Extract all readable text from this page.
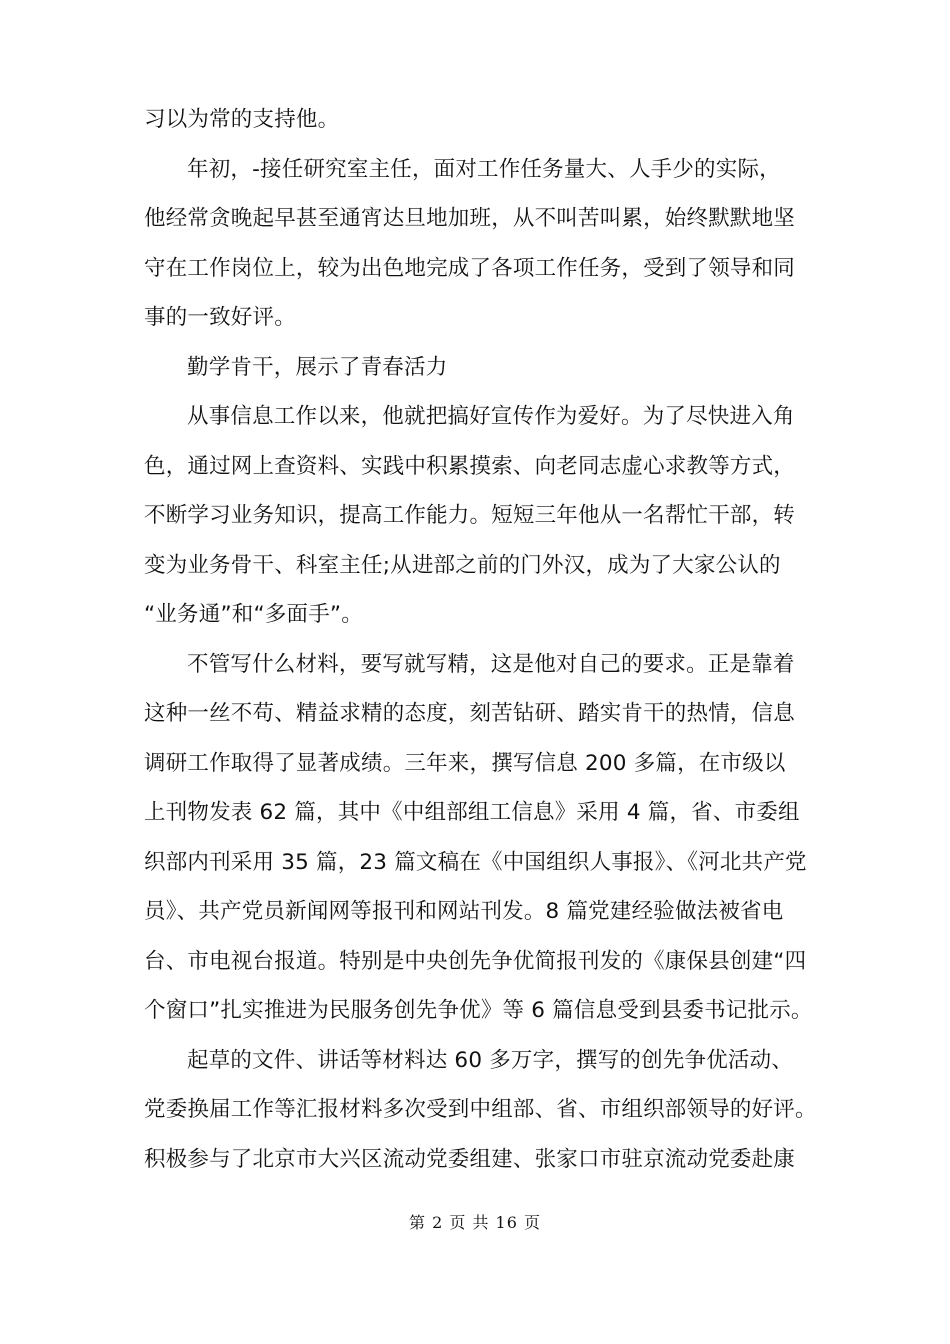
习以为常的支持他。
年初，-接任研究室主任，面对工作任务量大、人手少的实际，
他经常贪晚起早甚至通宵达旦地加班，从不叫苦叫累，始终默默地坚
守在工作岗位上，较为出色地完成了各项工作任务，受到了领导和同
事的一致好评。
勤学肯干，展示了青春活力
从事信息工作以来，他就把搞好宣传作为爱好。为了尽快进入角
色，通过网上查资料、实践中积累摸索、向老同志虚心求教等方式，
不断学习业务知识，提高工作能力。短短三年他从一名帮忙干部，转
变为业务骨干、科室主任;从进部之前的门外汉，成为了大家公认的
“业务通”和“多面手”。
不管写什么材料，要写就写精，这是他对自己的要求。正是靠着
这种一丝不苟、精益求精的态度，刻苦钻研、踏实肯干的热情，信息
调研工作取得了显著成绩。三年来，撰写信息 200 多篇，在市级以
上刊物发表 62 篇，其中《中组部组工信息》采用 4 篇，省、市委组
织部内刊采用 35 篇，23 篇文稿在《中国组织人事报》、《河北共产党
员》、共产党员新闻网等报刊和网站刊发。8 篇党建经验做法被省电
台、市电视台报道。特别是中央创先争优简报刊发的《康保县创建“四
个窗口”扎实推进为民服务创先争优》等 6 篇信息受到县委书记批示。
起草的文件、讲话等材料达 60 多万字，撰写的创先争优活动、
党委换届工作等汇报材料多次受到中组部、省、市组织部领导的好评。
积极参与了北京市大兴区流动党委组建、张家口市驻京流动党委赴康
第 2 页 共 16 页
